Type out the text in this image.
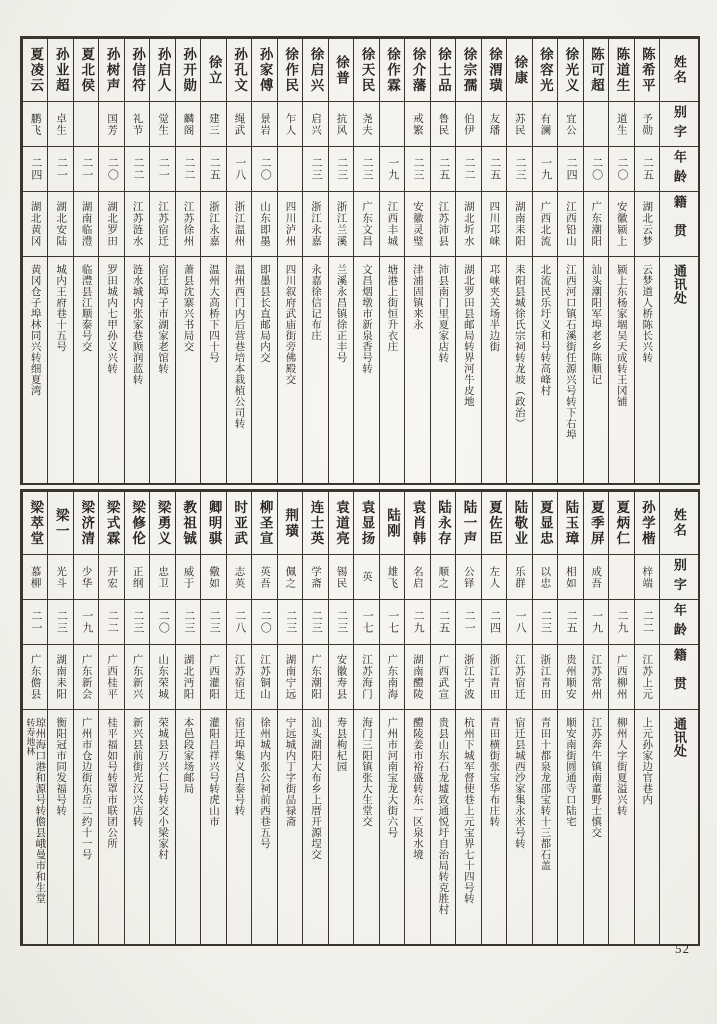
姓名
别字
年龄
籍贯
通讯处
陈希平
予勋
二五
湖北云梦
云梦道人桥陈长兴转
陈道生
道生
二〇
安徽颍上
颍上东杨家堌吴天成转王冈铺
陈可超
二〇
广东潮阳
汕头潮阳军埠老乡陈顺记
徐光义
宜公
二四
江西铅山
江西河口镇石溪街任源兴号转下右埠
徐容光
有澜
一九
广西北流
北流民乐圩义和号转高峰村
徐康
苏民
二三
湖南耒阳
耒阳县城徐氏宗祠转龙坡（政治）
徐渭璜
友璠
二五
四川邛崃
邛崃夹关场半边街
徐宗孺
伯伊
二二
湖北圻水
湖北罗田县邮局转界河牛皮地
徐士品
鲁民
二五
江苏沛县
沛县南门里夏家店转
徐介藩
戒繁
二三
安徽灵璧
津浦固镇来永
徐作霖
一九
江西丰城
塘港上街恒升衣庄
徐天民
尧夫
二三
广东文昌
文昌烟墩市新泉香号转
徐普
抗风
二三
浙江兰溪
兰溪永昌镇徐正丰号
徐启兴
启兴
二三
浙江永嘉
永嘉徐信记布庄
徐作民
乍人
四川泸州
四川叙府武庙街旁佛殿交
孙家傅
景岩
二〇
山东即墨
即墨县长直邮局内交
孙孔文
绳武
一八
浙江温州
温州西门内后营巷培本栽植公司转
徐立
建三
二五
浙江永嘉
温州大高桥下四十号
孙开勋
麟阁
二二
江苏徐州
萧县沈寨兴书局交
孙启人
觉生
二一
江苏宿迁
宿迁埠子市湖家老馆转
孙信符
礼节
二二
江苏涟水
涟水城内张家巷顾润蓝转
孙树声
国芳
二〇
湖北罗田
罗田城内七甲孙义兴转
夏北侯
二一
湖南临澧
临澧县江顺泰号交
孙业超
卓生
二一
湖北安陆
城内王府巷十五号
夏凌云
鹏飞
二四
湖北黄冈
黄冈仓子埠林同兴转细夏湾
姓名
别字
年龄
籍贯
通讯处
孙学楷
梓端
二二
江苏上元
上元孙家边官巷内
夏炳仁
二九
广西柳州
柳州人字街夏溢兴转
夏季屏
成吾
一九
江苏常州
江苏奔牛镇南董野士慎交
陆玉璋
相如
二五
贵州顺安
顺安南街圆通寺口陆宅
夏显忠
以忠
二三
浙江青田
青田十都泉龙邵宝转十三都石盖
陆敬业
乐群
一八
江苏宿迁
宿迁县城西沙家集永米号转
夏佐臣
左人
二四
浙江青田
青田横街张宝华布庄转
陆一声
公铎
二一
浙江宁波
杭州下城军督使巷上元宝界七十四号转
陆永存
顺之
二五
广西武宣
贵县山东石龙墟致通悦圩自治局转克胜村
袁肖韩
名启
二九
湖南醴陵
醴陵姜市裕盛转东一区泉水境
陆刚
雄飞
一七
广东南海
广州市河南宝龙大街六号
袁显扬
英
一七
江苏海门
海门三阳镇张大生堂交
袁道亮
锡民
二三
安徽寿县
寿县枸杞园
连士英
学斋
二三
广东潮阳
汕头湖阳大布乡上厝开源埕交
荆璜
佩之
二三
湖南宁远
宁远城内丁字街品禄斋
柳圣宣
英吾
二〇
江苏铜山
徐州城内张公祠前西巷五号
时亚武
志英
二八
江苏宿迁
宿迁埠集义昌泰号转
卿明骐
儆如
二三
广西灌阳
灌阳吕祥兴号转虎山市
教祖铖
威于
二三
湖北沔阳
本邑段家场邮局
梁勇义
忠卫
二〇
山东荣城
荣城县万兴仁号转交小梁家村
梁修伦
正纲
二三
广东新兴
新兴县前街光汉兴店转
梁式霖
开宏
二二
广西桂平
桂平福如号转罩市联团公所
梁济清
少华
一九
广东新会
广州市仓边街东岳二约十一号
梁一
光斗
二三
湖南耒阳
衡阳冠市同发福号转
梁萃堂
慕柳
二一
广东儋县
琼州海口港和源号转儋县峨曼市和生堂
转寿地林
52
